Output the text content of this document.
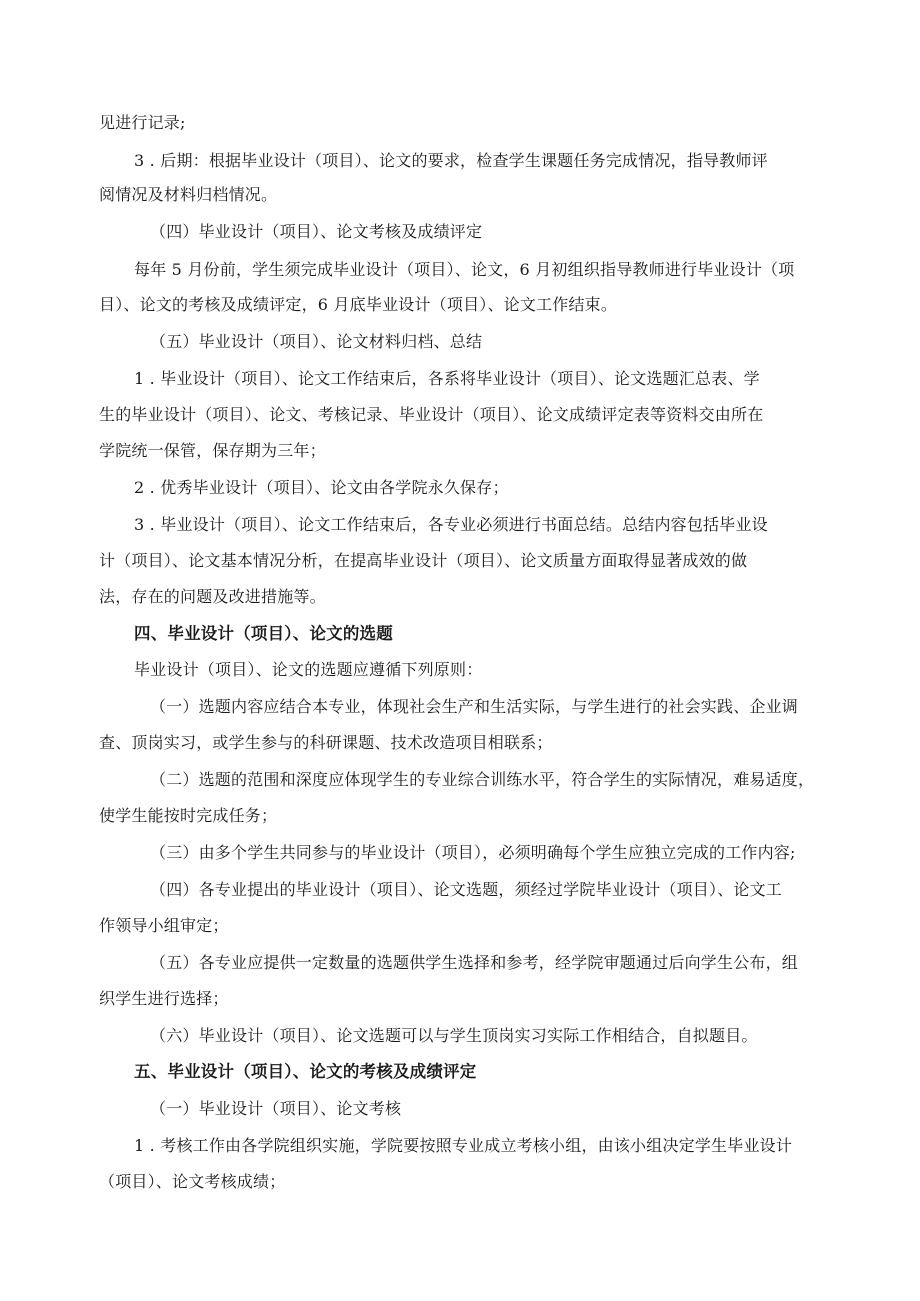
见进行记录;
3 . 后期：根据毕业设计（项目）、论文的要求，检查学生课题任务完成情况，指导教师评
阅情况及材料归档情况。
（四）毕业设计（项目）、论文考核及成绩评定
每年 5 月份前，学生须完成毕业设计（项目）、论文，6 月初组织指导教师进行毕业设计（项
目）、论文的考核及成绩评定，6 月底毕业设计（项目）、论文工作结束。
（五）毕业设计（项目）、论文材料归档、总结
1 . 毕业设计（项目）、论文工作结束后，各系将毕业设计（项目）、论文选题汇总表、学
生的毕业设计（项目）、论文、考核记录、毕业设计（项目）、论文成绩评定表等资料交由所在
学院统一保管，保存期为三年；
2 . 优秀毕业设计（项目）、论文由各学院永久保存；
3 . 毕业设计（项目）、论文工作结束后，各专业必须进行书面总结。总结内容包括毕业设
计（项目）、论文基本情况分析，在提高毕业设计（项目）、论文质量方面取得显著成效的做
法，存在的问题及改进措施等。
四、毕业设计（项目）、论文的选题
毕业设计（项目）、论文的选题应遵循下列原则：
（一）选题内容应结合本专业，体现社会生产和生活实际，与学生进行的社会实践、企业调
查、顶岗实习，或学生参与的科研课题、技术改造项目相联系；
（二）选题的范围和深度应体现学生的专业综合训练水平，符合学生的实际情况，难易适度，
使学生能按时完成任务；
（三）由多个学生共同参与的毕业设计（项目），必须明确每个学生应独立完成的工作内容;
（四）各专业提出的毕业设计（项目）、论文选题，须经过学院毕业设计（项目）、论文工
作领导小组审定；
（五）各专业应提供一定数量的选题供学生选择和参考，经学院审题通过后向学生公布，组
织学生进行选择；
（六）毕业设计（项目）、论文选题可以与学生顶岗实习实际工作相结合，自拟题目。
五、毕业设计（项目）、论文的考核及成绩评定
（一）毕业设计（项目）、论文考核
1 . 考核工作由各学院组织实施，学院要按照专业成立考核小组，由该小组决定学生毕业设计
（项目）、论文考核成绩；
